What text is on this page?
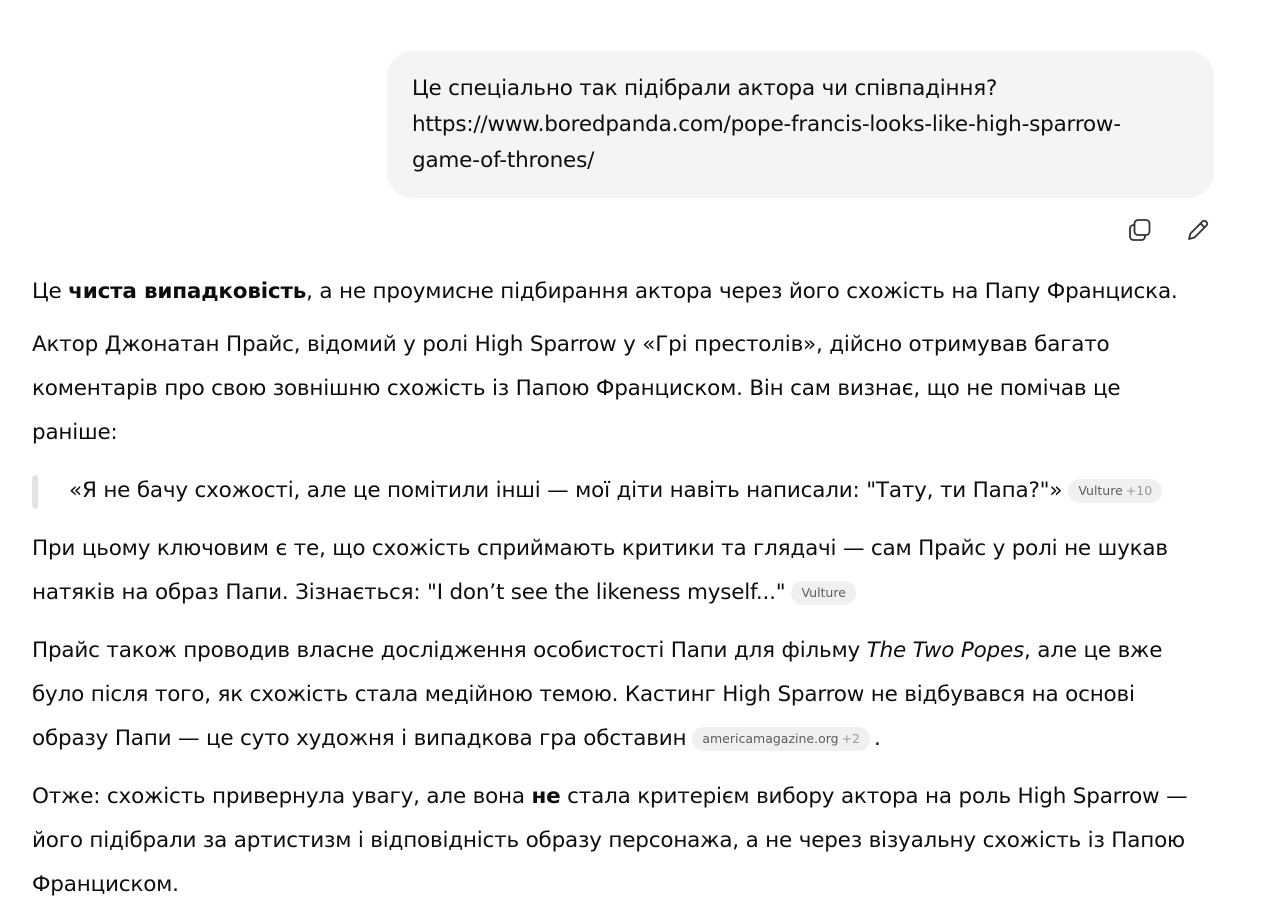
Це спеціально так підібрали актора чи співпадіння?
https://www.boredpanda.com/pope-francis-looks-like-high-sparrow-
game-of-thrones/

Це чиста випадковість, а не проумисне підбирання актора через його схожість на Папу Франциска.

Актор Джонатан Прайс, відомий у ролі High Sparrow у «Грі престолів», дійсно отримував багато
коментарів про свою зовнішню схожість із Папою Франциском. Він сам визнає, що не помічав це
раніше:

«Я не бачу схожості, але це помітили інші — мої діти навіть написали: "Тату, ти Папа?"» Vulture +10

При цьому ключовим є те, що схожість сприймають критики та глядачі — сам Прайс у ролі не шукав
натяків на образ Папи. Зізнається: "I don’t see the likeness myself..." Vulture

Прайс також проводив власне дослідження особистості Папи для фільму The Two Popes, але це вже
було після того, як схожість стала медійною темою. Кастинг High Sparrow не відбувався на основі
образу Папи — це суто художня і випадкова гра обставин americamagazine.org +2 .

Отже: схожість привернула увагу, але вона не стала критерієм вибору актора на роль High Sparrow —
його підібрали за артистизм і відповідність образу персонажа, а не через візуальну схожість із Папою
Франциском.
